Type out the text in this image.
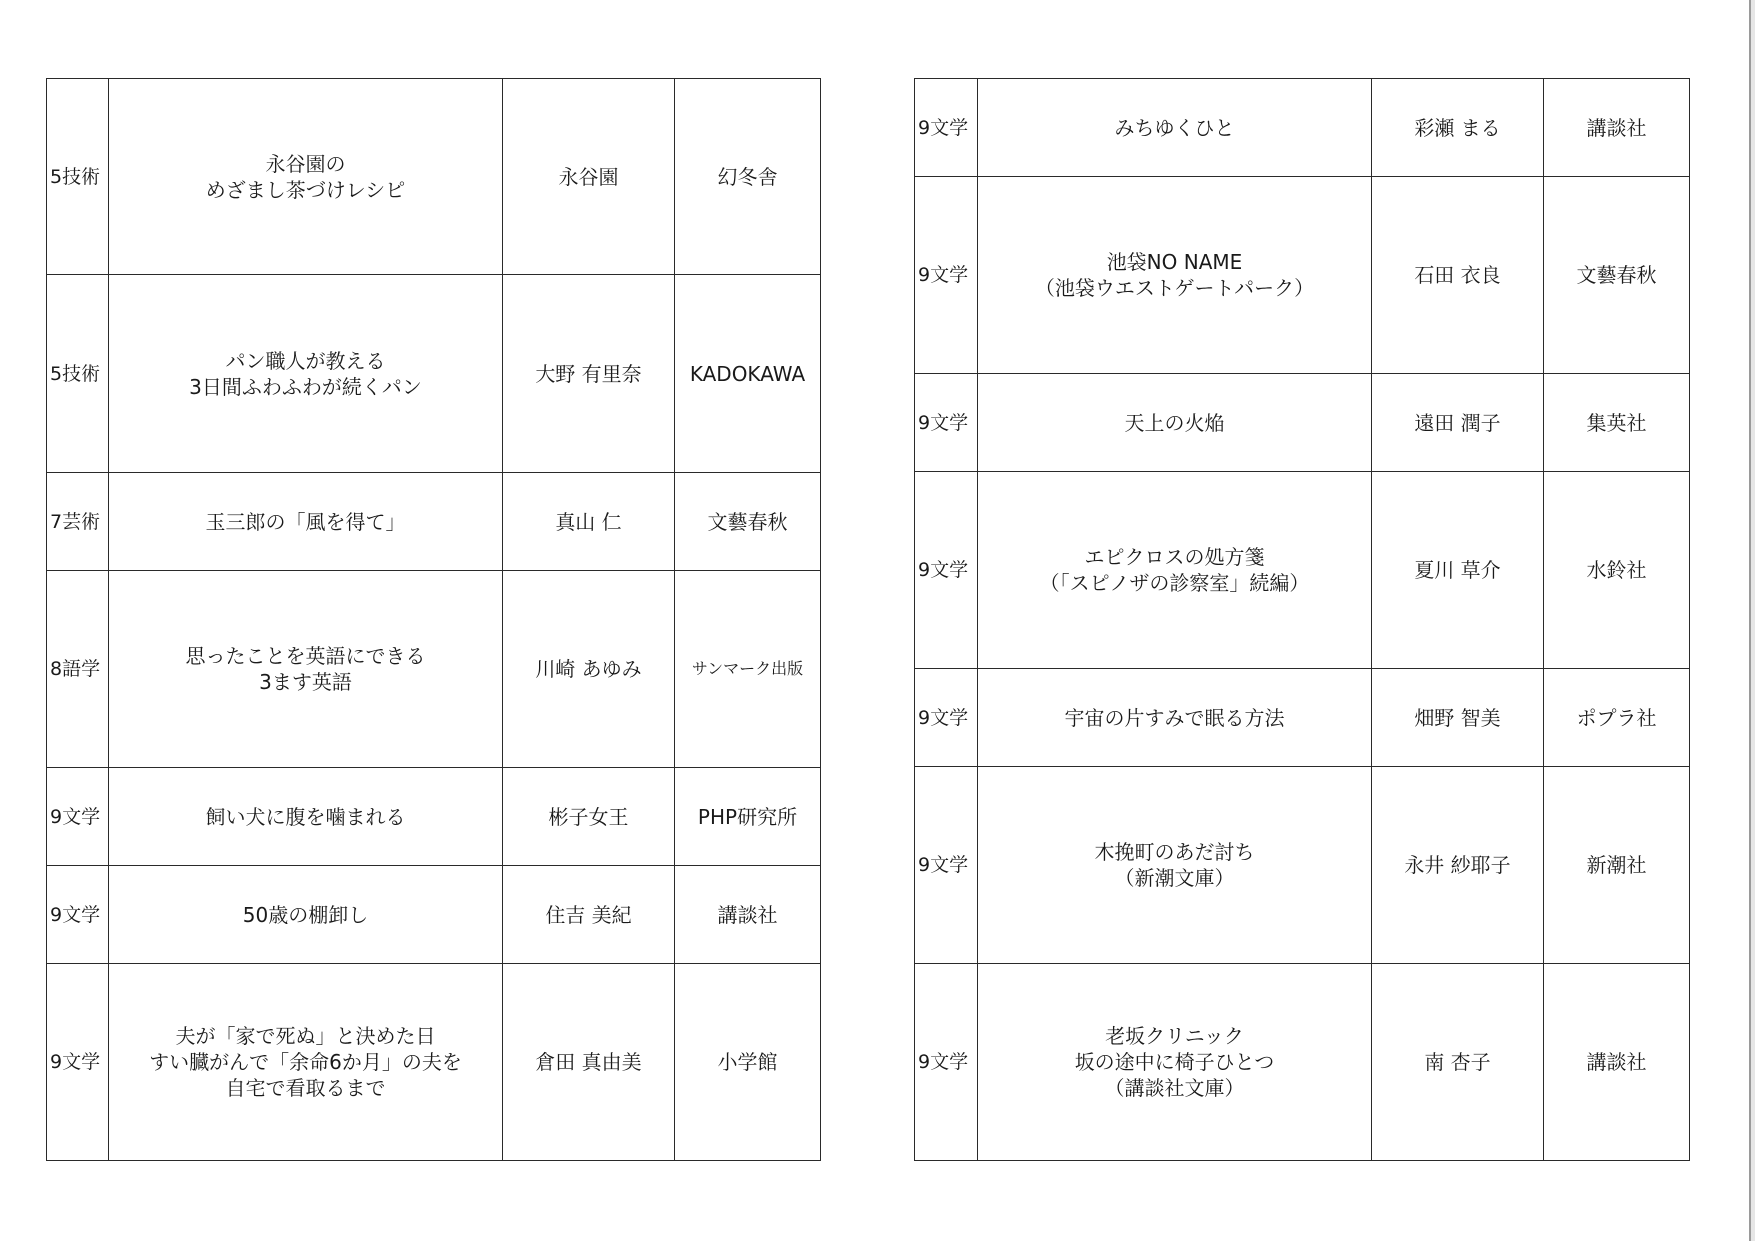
5技術	永谷園の
めざまし茶づけレシピ	永谷園	幻冬舎
5技術	パン職人が教える
3日間ふわふわが続くパン	大野 有里奈	KADOKAWA
7芸術	玉三郎の「風を得て」	真山 仁	文藝春秋
8語学	思ったことを英語にできる
3ます英語	川崎 あゆみ	サンマーク出版
9文学	飼い犬に腹を噛まれる	彬子女王	PHP研究所
9文学	50歳の棚卸し	住吉 美紀	講談社
9文学	夫が「家で死ぬ」と決めた日
すい臓がんで「余命6か月」の夫を
自宅で看取るまで	倉田 真由美	小学館
9文学	みちゆくひと	彩瀬 まる	講談社
9文学	池袋NO NAME
（池袋ウエストゲートパーク）	石田 衣良	文藝春秋
9文学	天上の火焔	遠田 潤子	集英社
9文学	エピクロスの処方箋
（「スピノザの診察室」続編）	夏川 草介	水鈴社
9文学	宇宙の片すみで眠る方法	畑野 智美	ポプラ社
9文学	木挽町のあだ討ち
（新潮文庫）	永井 紗耶子	新潮社
9文学	老坂クリニック
坂の途中に椅子ひとつ
（講談社文庫）	南 杏子	講談社
